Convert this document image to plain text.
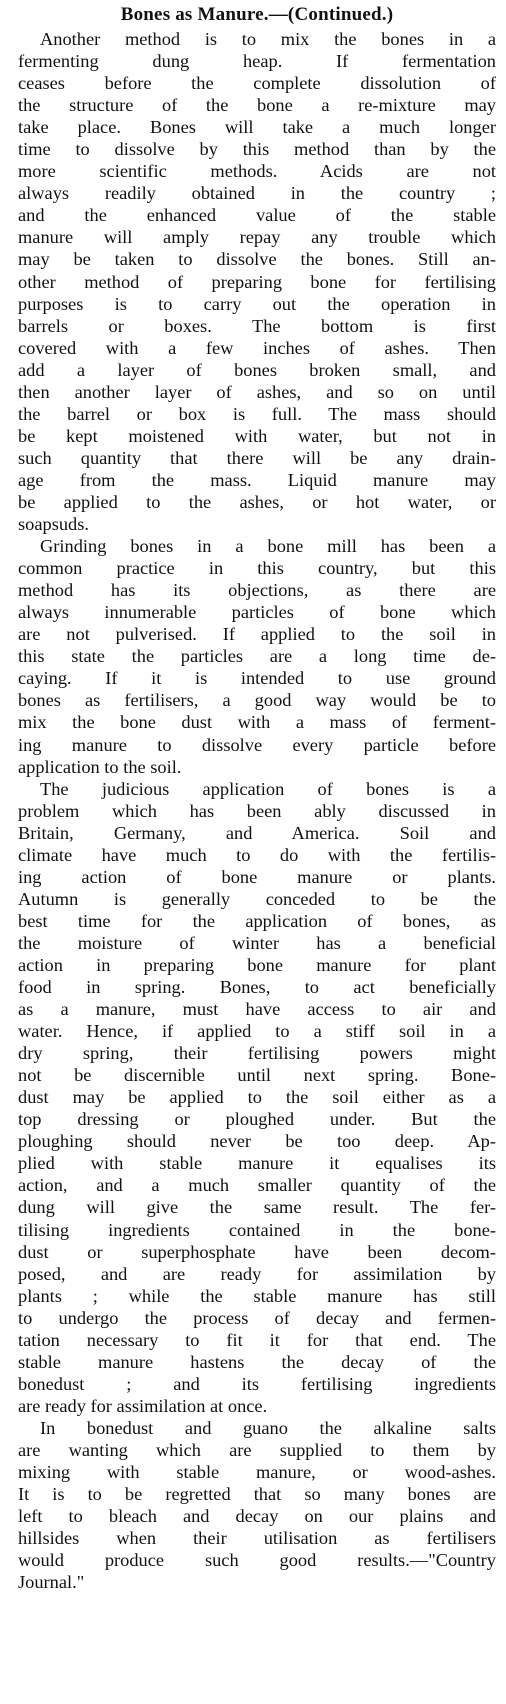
Bones as Manure.—(Continued.)
Another method is to mix the bones in a
fermenting dung heap. If fermentation
ceases before the complete dissolution of
the structure of the bone a re-mixture may
take place. Bones will take a much longer
time to dissolve by this method than by the
more scientific methods. Acids are not
always readily obtained in the country ;
and the enhanced value of the stable
manure will amply repay any trouble which
may be taken to dissolve the bones. Still an-
other method of preparing bone for fertilising
purposes is to carry out the operation in
barrels or boxes. The bottom is first
covered with a few inches of ashes. Then
add a layer of bones broken small, and
then another layer of ashes, and so on until
the barrel or box is full. The mass should
be kept moistened with water, but not in
such quantity that there will be any drain-
age from the mass. Liquid manure may
be applied to the ashes, or hot water, or
soapsuds.
Grinding bones in a bone mill has been a
common practice in this country, but this
method has its objections, as there are
always innumerable particles of bone which
are not pulverised. If applied to the soil in
this state the particles are a long time de-
caying. If it is intended to use ground
bones as fertilisers, a good way would be to
mix the bone dust with a mass of ferment-
ing manure to dissolve every particle before
application to the soil.
The judicious application of bones is a
problem which has been ably discussed in
Britain, Germany, and America. Soil and
climate have much to do with the fertilis-
ing action of bone manure or plants.
Autumn is generally conceded to be the
best time for the application of bones, as
the moisture of winter has a beneficial
action in preparing bone manure for plant
food in spring. Bones, to act beneficially
as a manure, must have access to air and
water. Hence, if applied to a stiff soil in a
dry spring, their fertilising powers might
not be discernible until next spring. Bone-
dust may be applied to the soil either as a
top dressing or ploughed under. But the
ploughing should never be too deep. Ap-
plied with stable manure it equalises its
action, and a much smaller quantity of the
dung will give the same result. The fer-
tilising ingredients contained in the bone-
dust or superphosphate have been decom-
posed, and are ready for assimilation by
plants ; while the stable manure has still
to undergo the process of decay and fermen-
tation necessary to fit it for that end. The
stable manure hastens the decay of the
bonedust ; and its fertilising ingredients
are ready for assimilation at once.
In bonedust and guano the alkaline salts
are wanting which are supplied to them by
mixing with stable manure, or wood-ashes.
It is to be regretted that so many bones are
left to bleach and decay on our plains and
hillsides when their utilisation as fertilisers
would produce such good results.—"Country
Journal."
